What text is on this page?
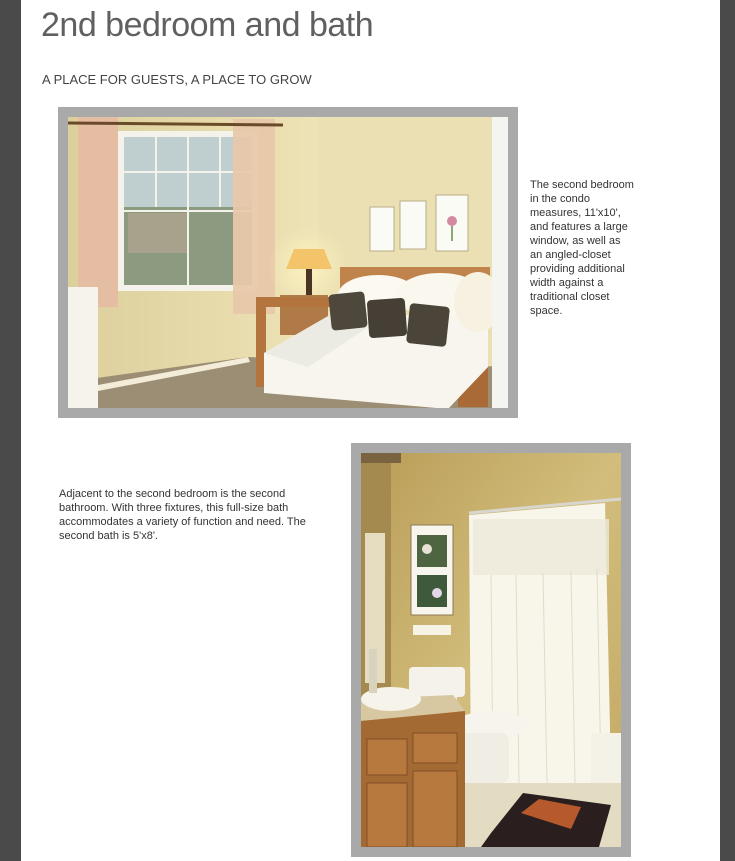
2nd bedroom and bath
A PLACE FOR GUESTS, A PLACE TO GROW
The second bedroom in the condo measures, 11'x10', and features a large window, as well as an angled-closet providing additional width against a traditional closet space.
Adjacent to the second bedroom is the second bathroom. With three fixtures, this full-size bath accommodates a variety of function and need. The second bath is 5'x8'.
